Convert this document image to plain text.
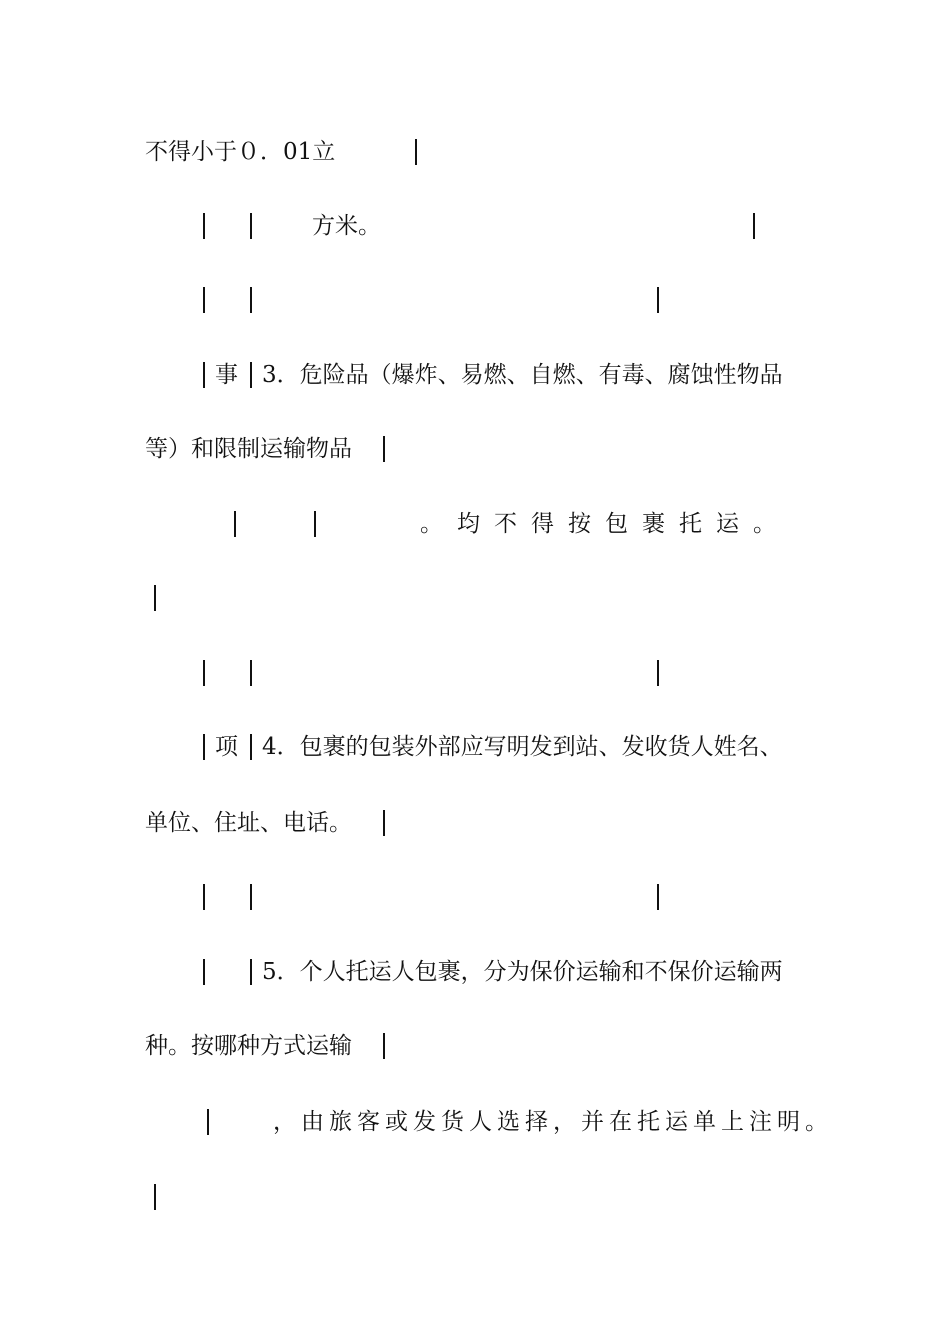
不得小于０．01立
方米。
事 3．危险品（爆炸、易燃、自燃、有毒、腐蚀性物品
等）和限制运输物品
。均不得按包裹托运。
项 4．包裹的包装外部应写明发到站、发收货人姓名、
单位、住址、电话。
5．个人托运人包裹，分为保价运输和不保价运输两
种。按哪种方式运输
，由旅客或发货人选择，并在托运单上注明。
